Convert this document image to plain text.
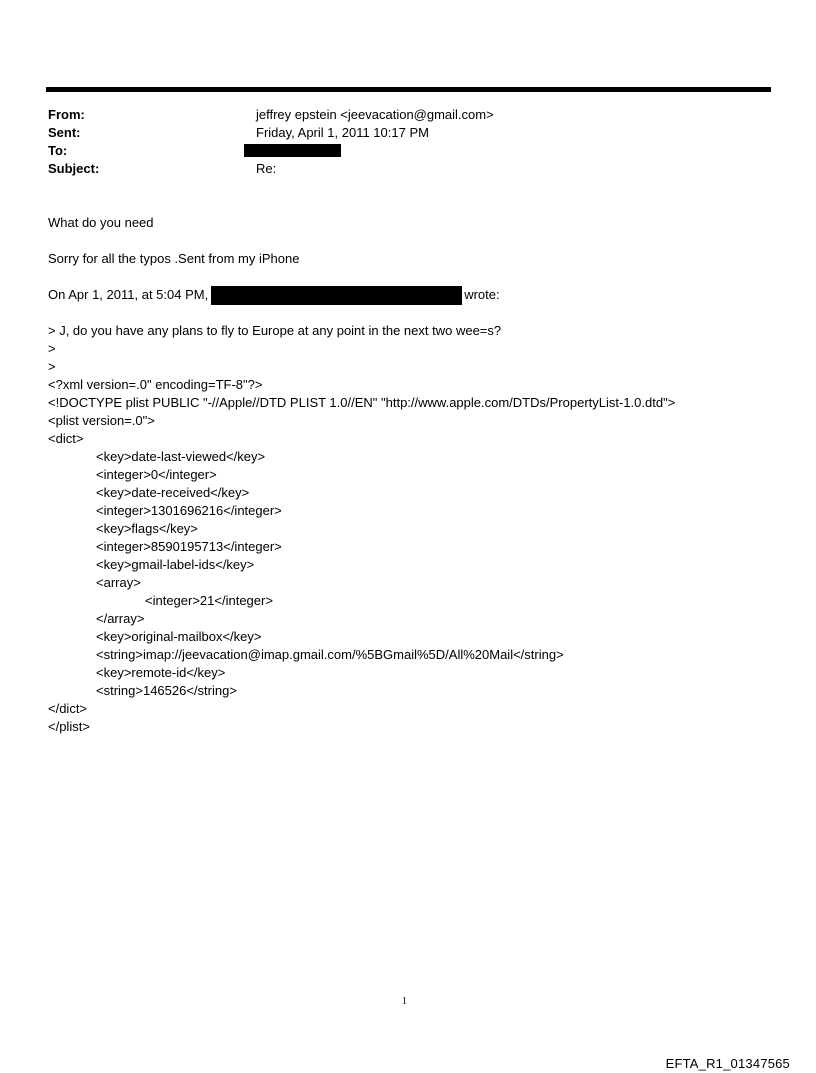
From:	jeffrey epstein <jeevacation@gmail.com>
Sent:	Friday, April 1, 2011 10:17 PM
To:
Subject:	Re:
What do you need
Sorry for all the typos .Sent from my iPhone
On Apr 1, 2011, at 5:04 PM,	wrote:
> J, do you have any plans to fly to Europe at any point in the next two wee=s?
>
>
<?xml version=.0" encoding=TF-8"?>
<!DOCTYPE plist PUBLIC "-//Apple//DTD PLIST 1.0//EN" "http://www.apple.com/DTDs/PropertyList-1.0.dtd">
<plist version=.0">
<dict>
<key>date-last-viewed</key>
<integer>0</integer>
<key>date-received</key>
<integer>1301696216</integer>
<key>flags</key>
<integer>8590195713</integer>
<key>gmail-label-ids</key>
<array>
<integer>21</integer>
</array>
<key>original-mailbox</key>
<string>imap://jeevacation@imap.gmail.com/%5BGmail%5D/All%20Mail</string>
<key>remote-id</key>
<string>146526</string>
</dict>
</plist>
1
EFTA_R1_01347565
